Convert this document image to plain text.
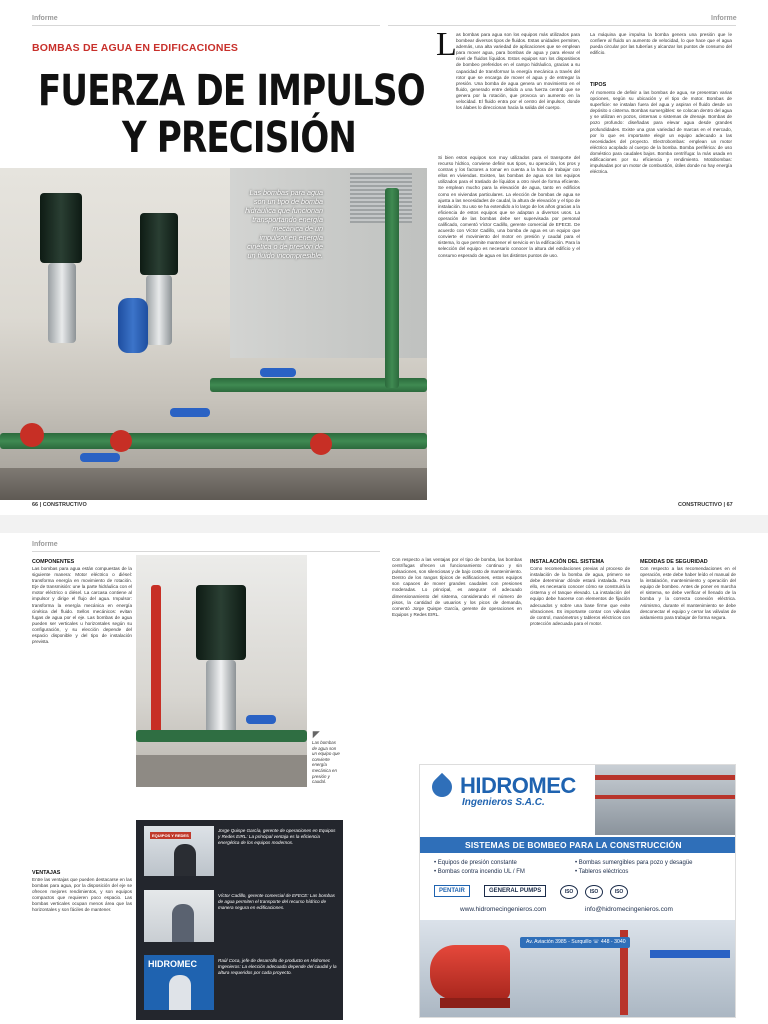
Informe	Informe
BOMBAS DE AGUA EN EDIFICACIONES
FUERZA DE IMPULSO
Y PRECISIÓN
Las bombas para agua son un tipo de bomba hidráulica que funcionan transportando energía mecánica de un impulsor en energía cinética o de presión de un fluido incompresible.
L as bombas para agua son los equipos más utilizados para bombear diversos tipos de fluidos. Estas unidades permiten, además, una alta variedad de aplicaciones que se emplean para mover agua, para bombas de agua y para elevar el nivel de fluidos líquidos. Estos equipos son los dispositivos de bombeo preferidos en el campo hidráulico, gracias a su capacidad de transformar la energía mecánica a través del rotor que se encarga de mover el agua y de entregar la presión. Una bomba de agua genera un movimiento en el fluido, generado entre debido a una fuerza central que se genera por la rotación, que provoca un aumento en la velocidad. El fluido entra por el centro del impulsor, donde los álabes lo direccionan hacia la salida del cuerpo.
Si bien estos equipos son muy utilizados para el transporte del recurso hídrico, conviene definir sus tipos, su operación, los pros y contras y los factores a tomar en cuenta a la hora de trabajar con ellos en viviendas. Existen, las bombas de agua son los equipos utilizados para el traslado de líquidos a otro nivel de forma eficiente. Se emplean mucho para la elevación de agua, tanto en edificios como en viviendas particulares. La elección de bombas de agua se ajusta a las necesidades de caudal, la altura de elevación y el tipo de instalación. Su uso se ha extendido a lo largo de los años gracias a la eficiencia de estos equipos que se adaptan a diversos usos. La operación de las bombas debe ser supervisada por personal calificado, comentó Víctor Cadillo, gerente comercial de EFECE. De acuerdo con Víctor Cadillo, una bomba de agua es un equipo que convierte el movimiento del motor en presión y caudal para el sistema, lo que permite mantener el servicio en la edificación. Para la selección del equipo es necesario conocer la altura del edificio y el consumo esperado de agua en los distintos puntos de uso.
La máquina que impulsa la bomba genera una presión que le confiere al fluido un aumento de velocidad, lo que hace que el agua pueda circular por las tuberías y alcanzar los puntos de consumo del edificio.
TIPOS
Al momento de definir a las bombas de agua, se presentan varias opciones, según su ubicación y el tipo de motor. Bombas de superficie: se instalan fuera del agua y aspiran el fluido desde un depósito o cisterna. Bombas sumergibles: se colocan dentro del agua y se utilizan en pozos, cisternas o sistemas de drenaje. Bombas de pozo profundo: diseñadas para elevar agua desde grandes profundidades. Existe una gran variedad de marcas en el mercado, por lo que es importante elegir un equipo adecuado a las necesidades del proyecto. Electrobombas: emplean un motor eléctrico acoplado al cuerpo de la bomba. Bomba periférica: de uso doméstico para caudales bajos. Bomba centrífuga: la más usada en edificaciones por su eficiencia y rendimiento. Motobombas: impulsadas por un motor de combustión, útiles donde no hay energía eléctrica.
66 | CONSTRUCTIVO	CONSTRUCTIVO | 67
Informe
COMPONENTES
Las bombas para agua están compuestas de la siguiente manera: Motor eléctrico o diésel: transforma energía en movimiento de rotación. Eje de transmisión: une la parte hidráulica con el motor eléctrico o diésel. La carcasa contiene al impulsor y dirige el flujo del agua. Impulsor: transforma la energía mecánica en energía cinética del fluido. Sellos mecánicos: evitan fugas de agua por el eje. Las bombas de agua pueden ser verticales u horizontales según su configuración, y su elección depende del espacio disponible y del tipo de instalación prevista.
VENTAJAS
Entre las ventajas que pueden destacarse en las bombas para agua, por la disposición del eje se ofrecen mejores rendimientos, y son equipos compactos que requieren poco espacio. Las bombas verticales ocupan menos área que las horizontales y son fáciles de mantener.
Las bombas de agua son un equipo que convierte energía mecánica en presión y caudal.
EQUIPOS Y REDES
Jorge Quispe García, gerente de operaciones en Equipos y Redes EIRL: La principal ventaja es la eficiencia energética de los equipos modernos.
Víctor Cadillo, gerente comercial de EFECE: Las bombas de agua permiten el transporte del recurso hídrico de manera segura en edificaciones.
HIDROMEC	Raúl Coca, jefe de desarrollo de producto en Hidromec Ingenieros: La elección adecuada depende del caudal y la altura requeridos por cada proyecto.
Con respecto a las ventajas por el tipo de bomba, las bombas centrífugas ofrecen un funcionamiento continuo y sin pulsaciones, son silenciosas y de bajo costo de mantenimiento. Dentro de los rangos típicos de edificaciones, estos equipos son capaces de mover grandes caudales con presiones moderadas. Lo principal, es asegurar el adecuado dimensionamiento del sistema, considerando el número de pisos, la cantidad de usuarios y los picos de demanda, comentó Jorge Quispe García, gerente de operaciones en Equipos y Redes EIRL.
INSTALACIÓN DEL SISTEMA
Como recomendaciones previas al proceso de instalación de la bomba de agua, primero se debe determinar dónde estará instalada. Para ello, es necesario conocer cómo se construirá la cisterna y el tanque elevado. La instalación del equipo debe hacerse con elementos de fijación adecuados y sobre una base firme que evite vibraciones. Es importante contar con válvulas de control, manómetros y tableros eléctricos con protección adecuada para el motor.
MEDIDAS DE SEGURIDAD
Con respecto a las recomendaciones en el operación, este debe haber leído el manual de la instalación, mantenimiento y operación del equipo de bombeo. Antes de poner en marcha el sistema, se debe verificar el llenado de la bomba y la correcta conexión eléctrica. Asimismo, durante el mantenimiento se debe desconectar el equipo y cerrar las válvulas de aislamiento para trabajar de forma segura.
HIDROMEC
Ingenieros S.A.C.
SISTEMAS DE BOMBEO PARA LA CONSTRUCCIÓN
• Equipos de presión constante
• Bombas contra incendio UL / FM
• Bombas sumergibles para pozo y desagüe
• Tableros eléctricos
PENTAIR	GENERAL PUMPS	ISO	ISO	ISO
www.hidromecingenieros.com	info@hidromecingenieros.com
Av. Aviación 3985 - Surquillo ☏ 448 - 3040
